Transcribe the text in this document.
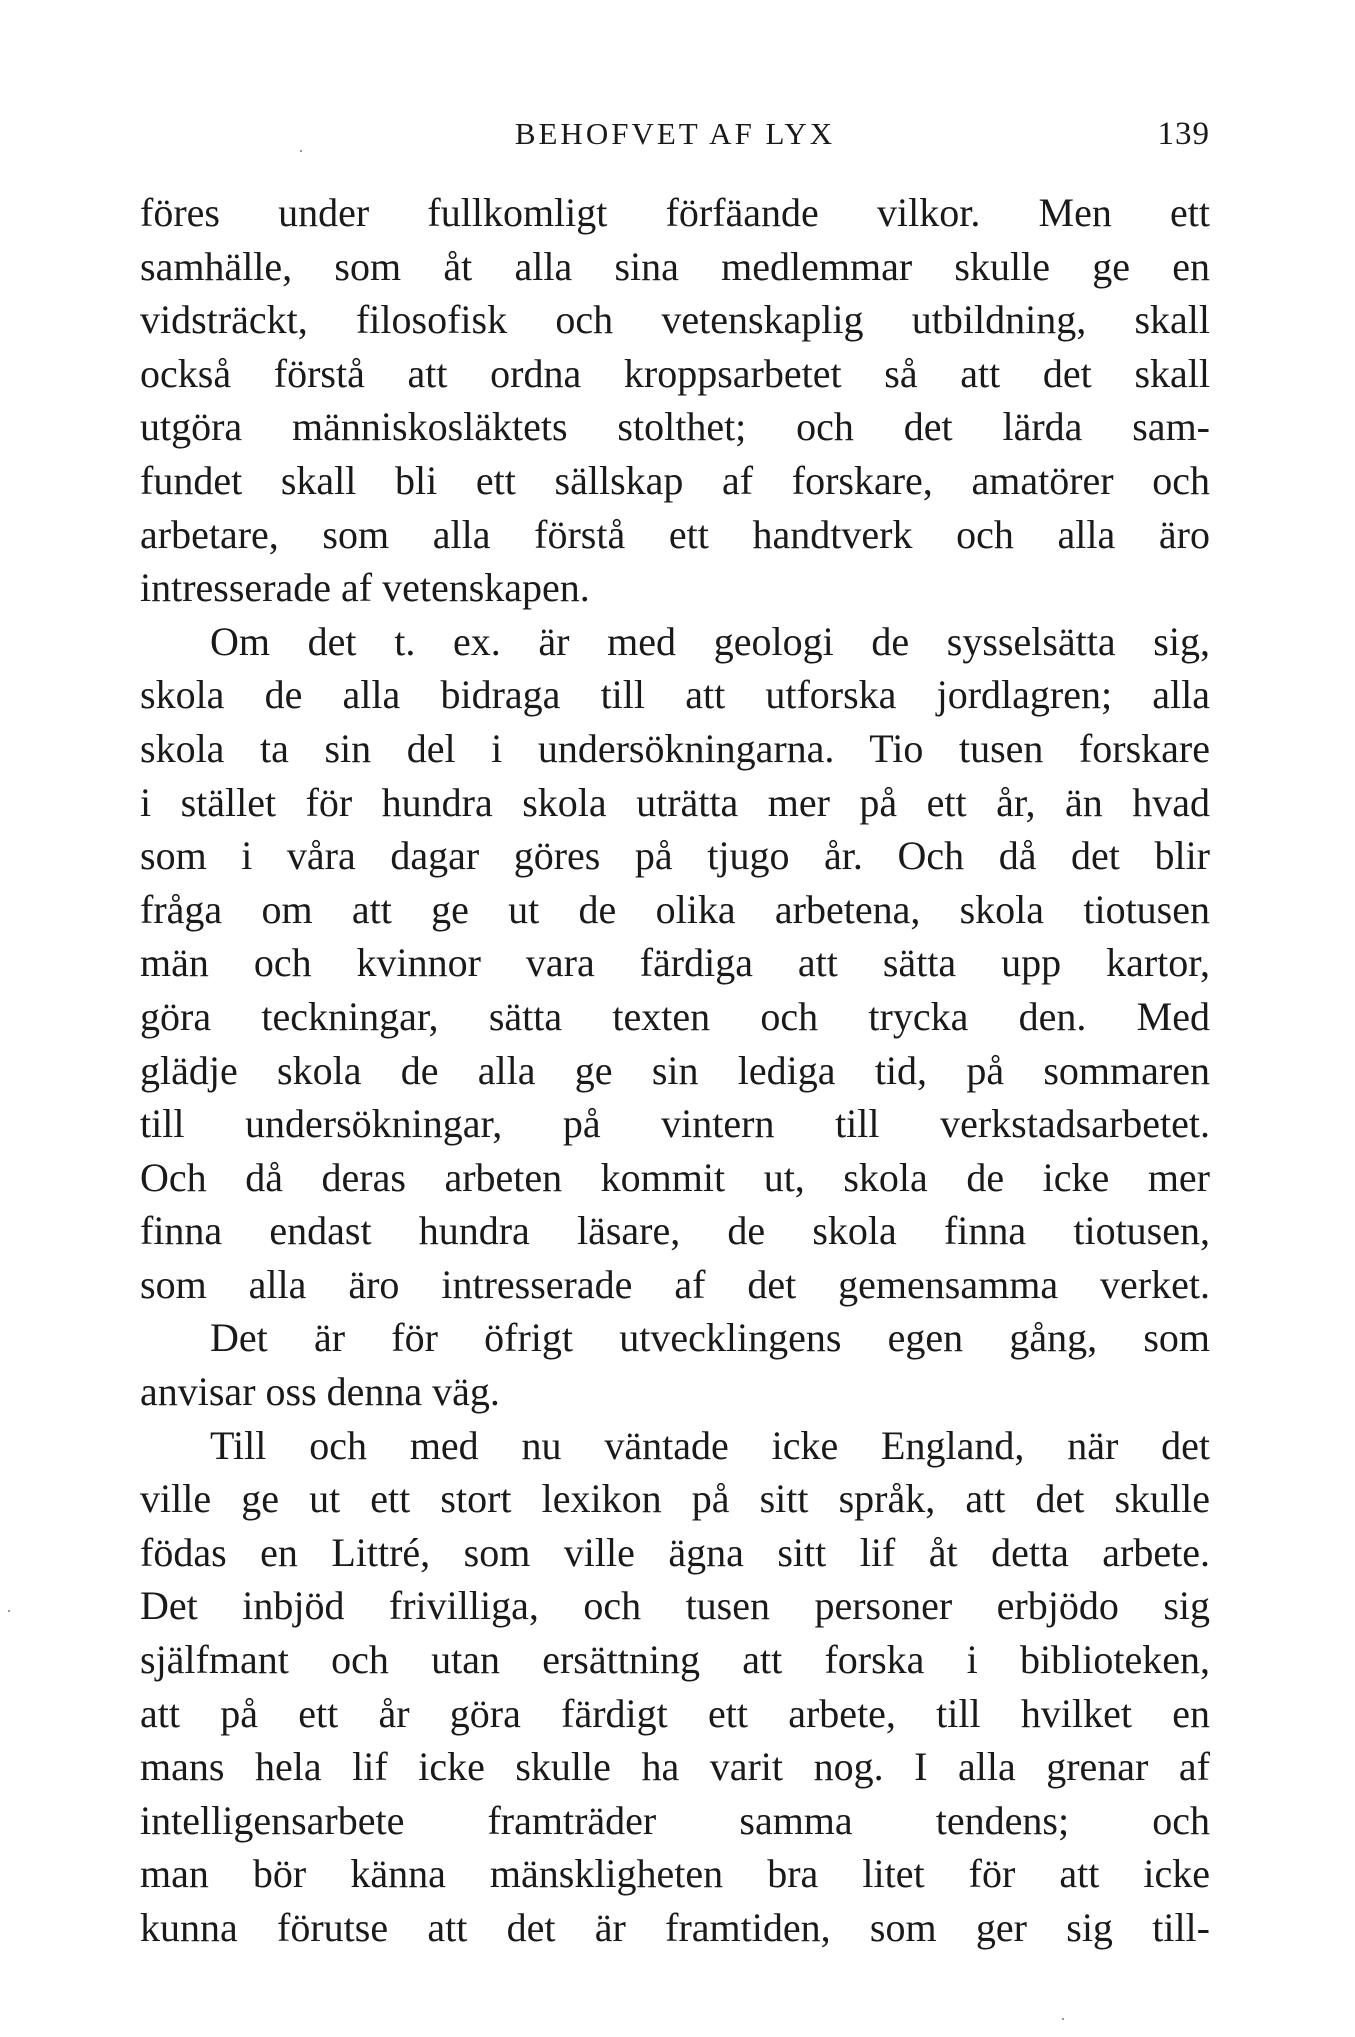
BEHOFVET AF LYX	139
föres under fullkomligt förfäande vilkor. Men ett
samhälle, som åt alla sina medlemmar skulle ge en
vidsträckt, filosofisk och vetenskaplig utbildning, skall
också förstå att ordna kroppsarbetet så att det skall
utgöra människosläktets stolthet; och det lärda sam-
fundet skall bli ett sällskap af forskare, amatörer och
arbetare, som alla förstå ett handtverk och alla äro
intresserade af vetenskapen.
Om det t. ex. är med geologi de sysselsätta sig,
skola de alla bidraga till att utforska jordlagren; alla
skola ta sin del i undersökningarna. Tio tusen forskare
i stället för hundra skola uträtta mer på ett år, än hvad
som i våra dagar göres på tjugo år. Och då det blir
fråga om att ge ut de olika arbetena, skola tiotusen
män och kvinnor vara färdiga att sätta upp kartor,
göra teckningar, sätta texten och trycka den. Med
glädje skola de alla ge sin lediga tid, på sommaren
till undersökningar, på vintern till verkstadsarbetet.
Och då deras arbeten kommit ut, skola de icke mer
finna endast hundra läsare, de skola finna tiotusen,
som alla äro intresserade af det gemensamma verket.
Det är för öfrigt utvecklingens egen gång, som
anvisar oss denna väg.
Till och med nu väntade icke England, när det
ville ge ut ett stort lexikon på sitt språk, att det skulle
födas en Littré, som ville ägna sitt lif åt detta arbete.
Det inbjöd frivilliga, och tusen personer erbjödo sig
själfmant och utan ersättning att forska i biblioteken,
att på ett år göra färdigt ett arbete, till hvilket en
mans hela lif icke skulle ha varit nog. I alla grenar af
intelligensarbete framträder samma tendens; och
man bör känna mänskligheten bra litet för att icke
kunna förutse att det är framtiden, som ger sig till-
